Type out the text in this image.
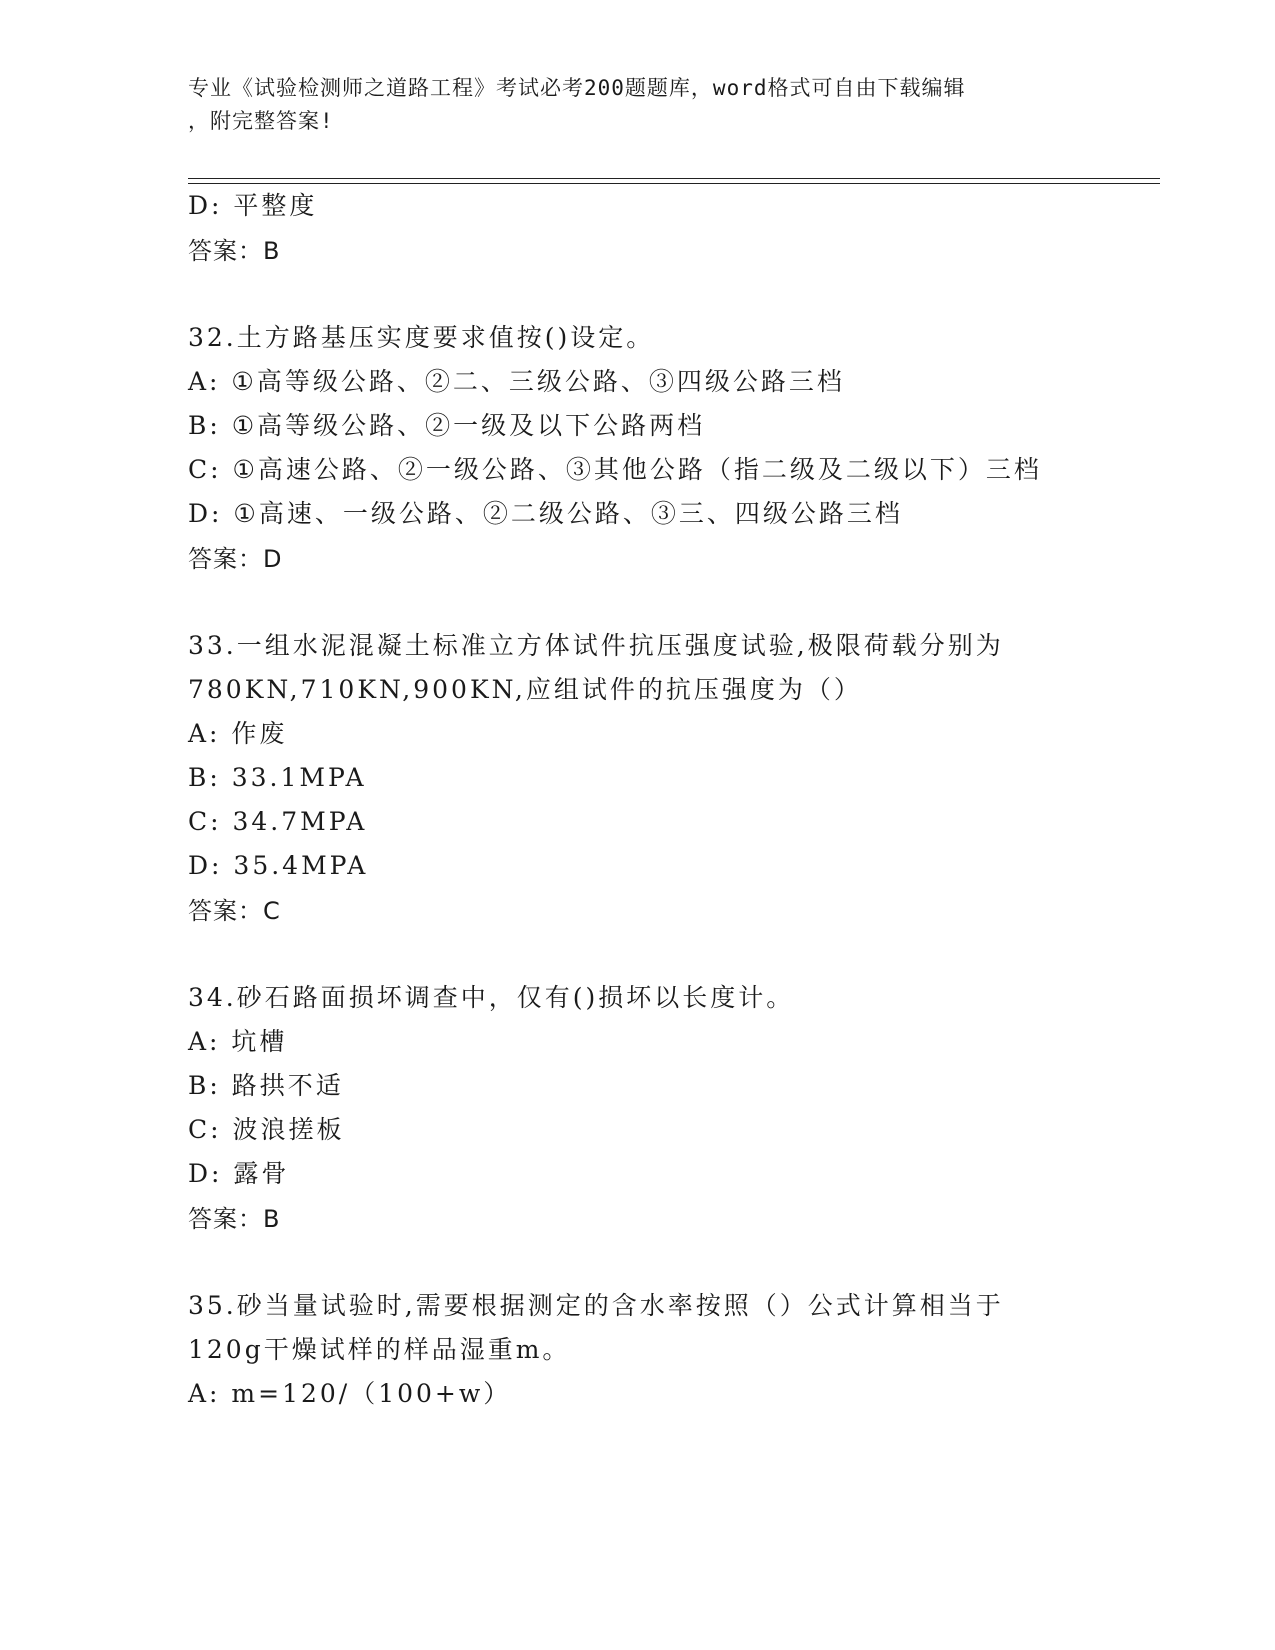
专业《试验检测师之道路工程》考试必考200题题库，word格式可自由下载编辑
，附完整答案!
D: 平整度
答案：B
32.土方路基压实度要求值按()设定。
A: ①高等级公路、②二、三级公路、③四级公路三档
B: ①高等级公路、②一级及以下公路两档
C: ①高速公路、②一级公路、③其他公路（指二级及二级以下）三档
D: ①高速、一级公路、②二级公路、③三、四级公路三档
答案：D
33.一组水泥混凝土标准立方体试件抗压强度试验,极限荷载分别为
780KN,710KN,900KN,应组试件的抗压强度为（）
A: 作废
B: 33.1MPA
C: 34.7MPA
D: 35.4MPA
答案：C
34.砂石路面损坏调查中，仅有()损坏以长度计。
A: 坑槽
B: 路拱不适
C: 波浪搓板
D: 露骨
答案：B
35.砂当量试验时,需要根据测定的含水率按照（）公式计算相当于
120g干燥试样的样品湿重m。
A: m=120/（100+w）
